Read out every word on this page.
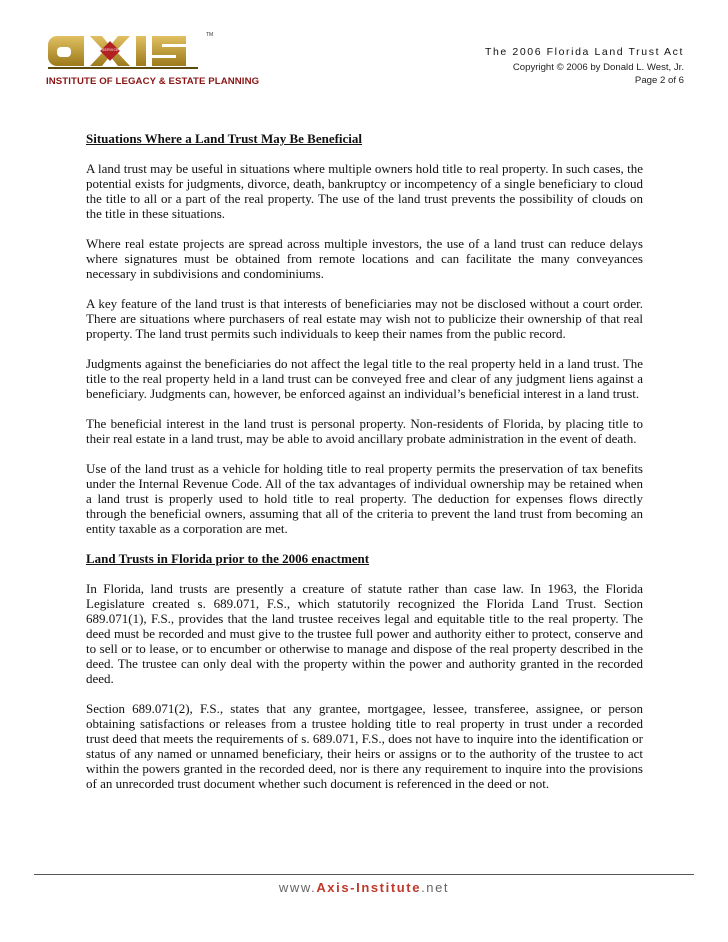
TM
SERVICE
INSTITUTE OF LEGACY & ESTATE PLANNING
The 2006 Florida Land Trust Act
Copyright © 2006 by Donald L. West, Jr.
Page 2 of 6

Situations Where a Land Trust May Be Beneficial

A land trust may be useful in situations where multiple owners hold title to real property. In such cases, the potential exists for judgments, divorce, death, bankruptcy or incompetency of a single beneficiary to cloud the title to all or a part of the real property. The use of the land trust prevents the possibility of clouds on the title in these situations.

Where real estate projects are spread across multiple investors, the use of a land trust can reduce delays where signatures must be obtained from remote locations and can facilitate the many conveyances necessary in subdivisions and condominiums.

A key feature of the land trust is that interests of beneficiaries may not be disclosed without a court order. There are situations where purchasers of real estate may wish not to publicize their ownership of that real property. The land trust permits such individuals to keep their names from the public record.

Judgments against the beneficiaries do not affect the legal title to the real property held in a land trust. The title to the real property held in a land trust can be conveyed free and clear of any judgment liens against a beneficiary. Judgments can, however, be enforced against an individual’s beneficial interest in a land trust.

The beneficial interest in the land trust is personal property. Non-residents of Florida, by placing title to their real estate in a land trust, may be able to avoid ancillary probate administration in the event of death.

Use of the land trust as a vehicle for holding title to real property permits the preservation of tax benefits under the Internal Revenue Code. All of the tax advantages of individual ownership may be retained when a land trust is properly used to hold title to real property. The deduction for expenses flows directly through the beneficial owners, assuming that all of the criteria to prevent the land trust from becoming an entity taxable as a corporation are met.

Land Trusts in Florida prior to the 2006 enactment

In Florida, land trusts are presently a creature of statute rather than case law. In 1963, the Florida Legislature created s. 689.071, F.S., which statutorily recognized the Florida Land Trust. Section 689.071(1), F.S., provides that the land trustee receives legal and equitable title to the real property. The deed must be recorded and must give to the trustee full power and authority either to protect, conserve and to sell or to lease, or to encumber or otherwise to manage and dispose of the real property described in the deed. The trustee can only deal with the property within the power and authority granted in the recorded deed.

Section 689.071(2), F.S., states that any grantee, mortgagee, lessee, transferee, assignee, or person obtaining satisfactions or releases from a trustee holding title to real property in trust under a recorded trust deed that meets the requirements of s. 689.071, F.S., does not have to inquire into the identification or status of any named or unnamed beneficiary, their heirs or assigns or to the authority of the trustee to act within the powers granted in the recorded deed, nor is there any requirement to inquire into the provisions of an unrecorded trust document whether such document is referenced in the deed or not.

www.Axis-Institute.net
